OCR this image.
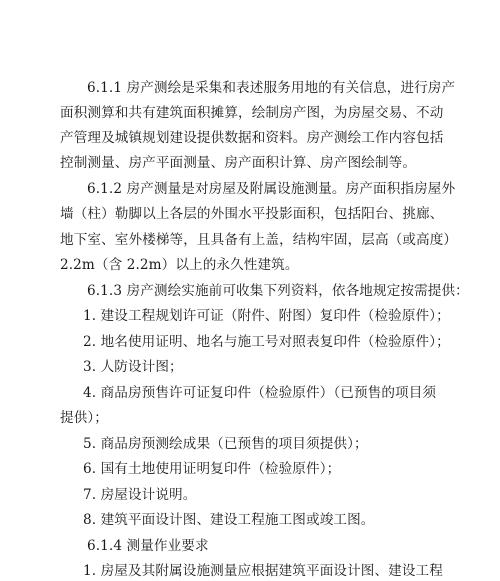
6.1.1 房产测绘是采集和表述服务用地的有关信息，进行房产
面积测算和共有建筑面积摊算，绘制房产图，为房屋交易、不动
产管理及城镇规划建设提供数据和资料。房产测绘工作内容包括
控制测量、房产平面测量、房产面积计算、房产图绘制等。
6.1.2 房产测量是对房屋及附属设施测量。房产面积指房屋外
墙（柱）勒脚以上各层的外围水平投影面积，包括阳台、挑廊、
地下室、室外楼梯等，且具备有上盖，结构牢固，层高（或高度）
2.2m（含 2.2m）以上的永久性建筑。
6.1.3 房产测绘实施前可收集下列资料，依各地规定按需提供：
1. 建设工程规划许可证（附件、附图）复印件（检验原件）；
2. 地名使用证明、地名与施工号对照表复印件（检验原件）；
3. 人防设计图；
4. 商品房预售许可证复印件（检验原件）（已预售的项目须
提供）；
5. 商品房预测绘成果（已预售的项目须提供）；
6. 国有土地使用证明复印件（检验原件）；
7. 房屋设计说明。
8. 建筑平面设计图、建设工程施工图或竣工图。
6.1.4 测量作业要求
1. 房屋及其附属设施测量应根据建筑平面设计图、建设工程
